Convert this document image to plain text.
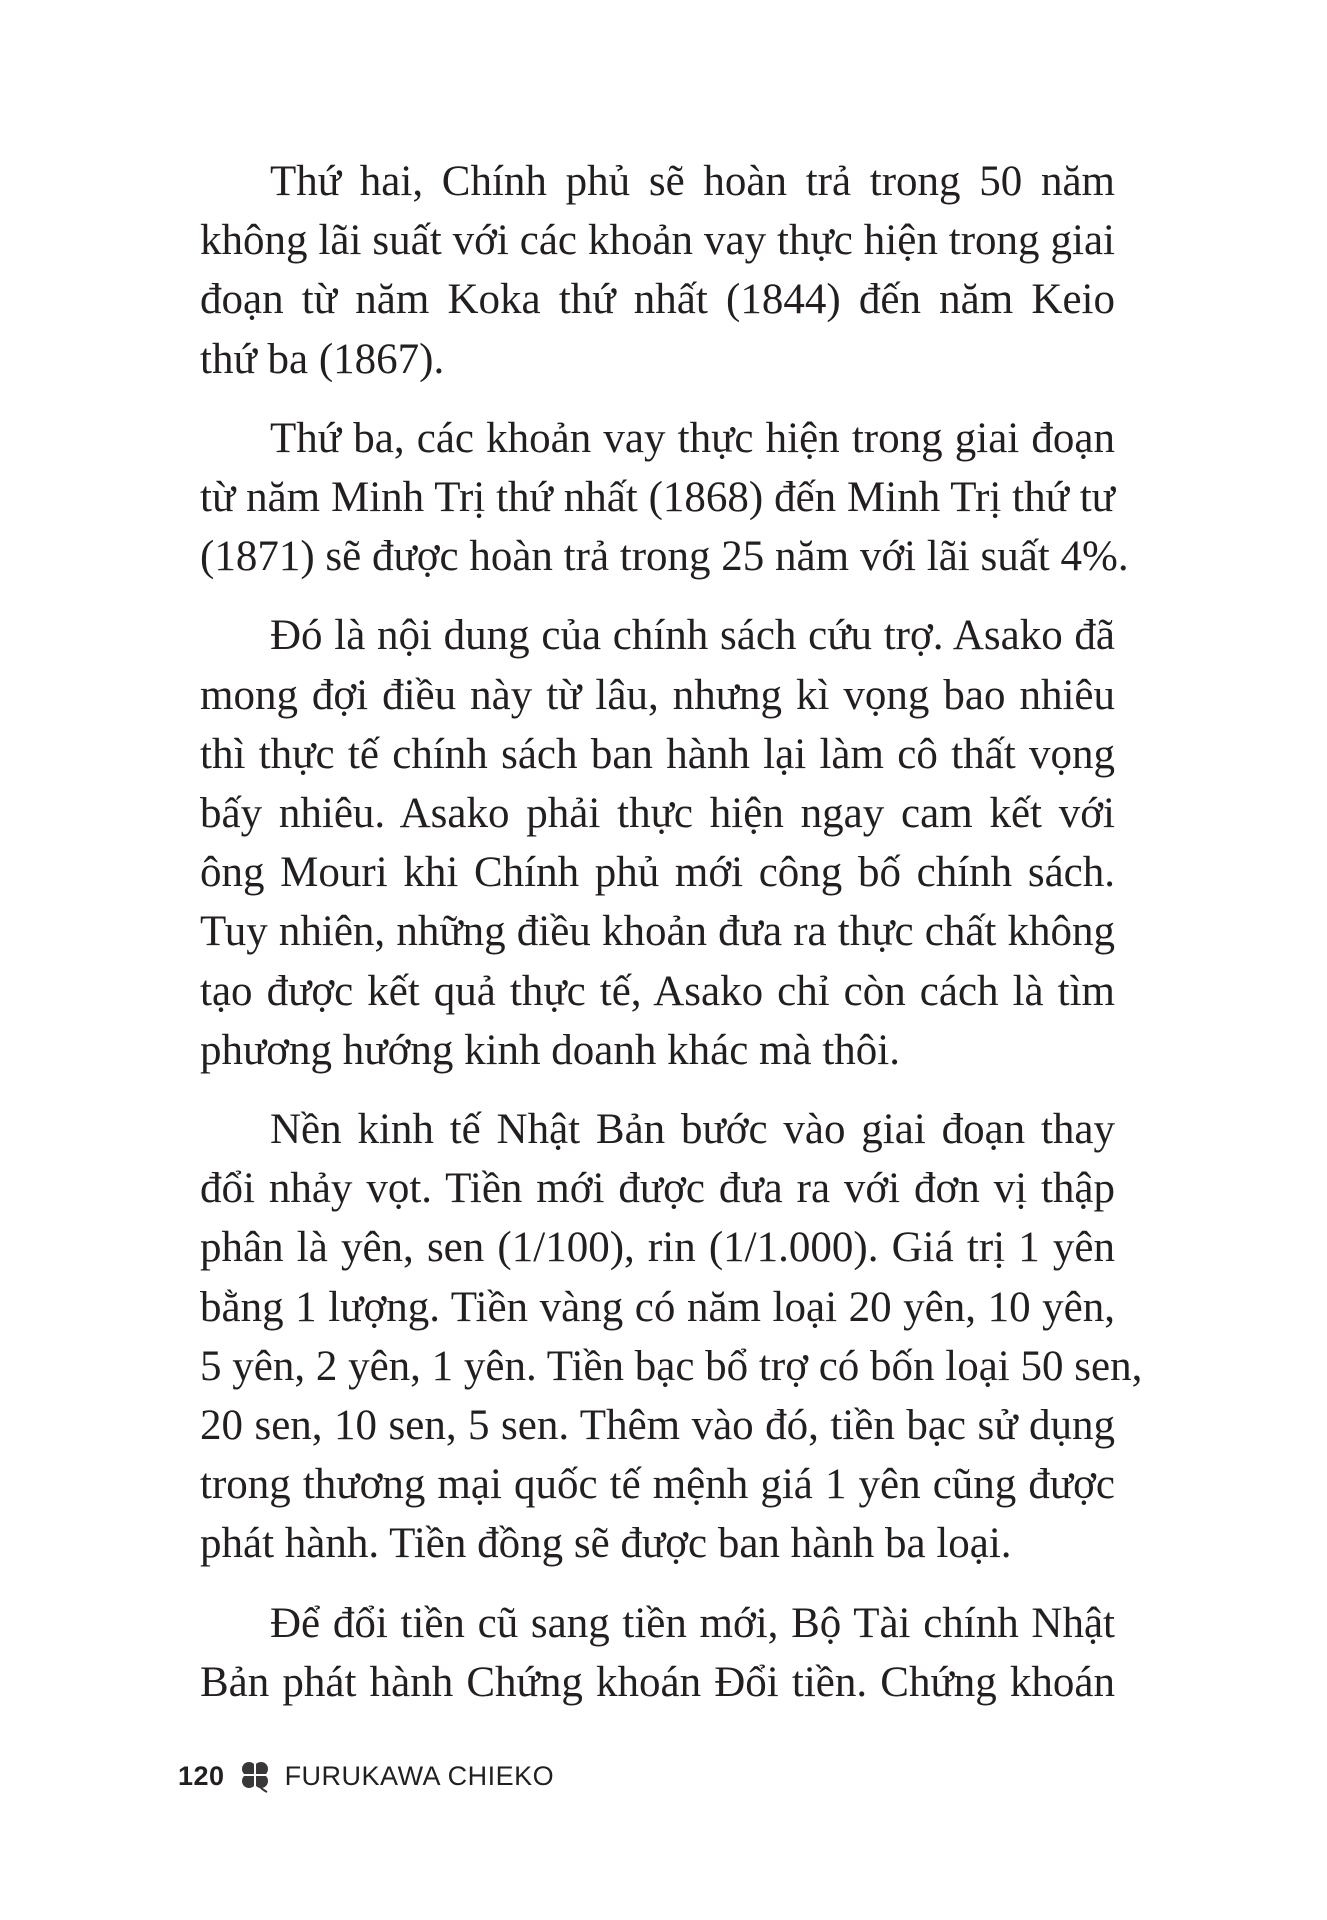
Thứ hai, Chính phủ sẽ hoàn trả trong 50 năm
không lãi suất với các khoản vay thực hiện trong giai
đoạn từ năm Koka thứ nhất (1844) đến năm Keio
thứ ba (1867).

Thứ ba, các khoản vay thực hiện trong giai đoạn
từ năm Minh Trị thứ nhất (1868) đến Minh Trị thứ tư
(1871) sẽ được hoàn trả trong 25 năm với lãi suất 4%.

Đó là nội dung của chính sách cứu trợ. Asako đã
mong đợi điều này từ lâu, nhưng kì vọng bao nhiêu
thì thực tế chính sách ban hành lại làm cô thất vọng
bấy nhiêu. Asako phải thực hiện ngay cam kết với
ông Mouri khi Chính phủ mới công bố chính sách.
Tuy nhiên, những điều khoản đưa ra thực chất không
tạo được kết quả thực tế, Asako chỉ còn cách là tìm
phương hướng kinh doanh khác mà thôi.

Nền kinh tế Nhật Bản bước vào giai đoạn thay
đổi nhảy vọt. Tiền mới được đưa ra với đơn vị thập
phân là yên, sen (1/100), rin (1/1.000). Giá trị 1 yên
bằng 1 lượng. Tiền vàng có năm loại 20 yên, 10 yên,
5 yên, 2 yên, 1 yên. Tiền bạc bổ trợ có bốn loại 50 sen,
20 sen, 10 sen, 5 sen. Thêm vào đó, tiền bạc sử dụng
trong thương mại quốc tế mệnh giá 1 yên cũng được
phát hành. Tiền đồng sẽ được ban hành ba loại.

Để đổi tiền cũ sang tiền mới, Bộ Tài chính Nhật
Bản phát hành Chứng khoán Đổi tiền. Chứng khoán

120 FURUKAWA CHIEKO
